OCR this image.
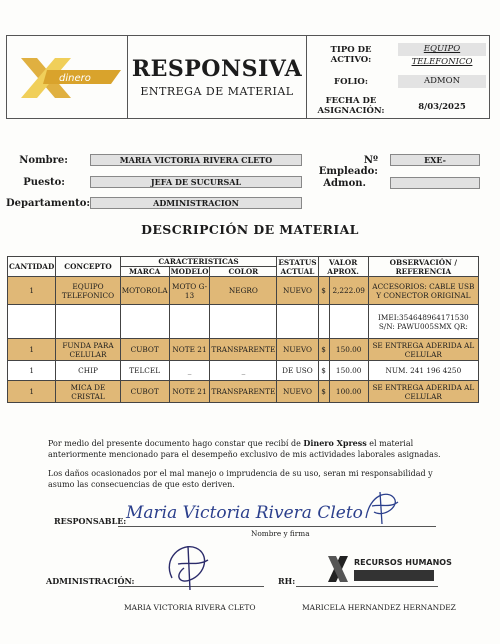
dinero RESPONSIVA
ENTREGA DE MATERIAL
TIPO DE ACTIVO:
EQUIPO TELEFONICO
FOLIO:	ADMON
FECHA DE ASIGNACIÓN:	8/03/2025
Nombre:	MARIA VICTORIA RIVERA CLETO	Nº Empleado:
EXE-
Puesto:	JEFA DE SUCURSAL	Admon.
Departamento:	ADMINISTRACION
DESCRIPCIÓN DE MATERIAL
CANTIDAD	CONCEPTO	CARACTERISTICAS			ESTATUS ACTUAL	VALOR APROX.		OBSERVACIÓN / REFERENCIA
		MARCA	MODELO	COLOR				
1	EQUIPO TELEFONICO	MOTOROLA	MOTO G-13	NEGRO	NUEVO	$	2,222.09	ACCESORIOS: CABLE USB Y CONECTOR ORIGINAL
								IMEI:354648964171530 S/N: PAWU005SMX QR:
1	FUNDA PARA CELULAR	CUBOT	NOTE 21	TRANSPARENTE	NUEVO	$	150.00	SE ENTREGA ADERIDA AL CELULAR
1	CHIP	TELCEL	_	_	DE USO	$	150.00	NUM. 241 196 4250
1	MICA DE CRISTAL	CUBOT	NOTE 21	TRANSPARENTE	NUEVO	$	100.00	SE ENTREGA ADERIDA AL CELULAR
Por medio del presente documento hago constar que recibí de Dinero Xpress el material anteriormente mencionado para el desempeño exclusivo de mis actividades laborales asignadas.
Los daños ocasionados por el mal manejo o imprudencia de su uso, seran mi responsabilidad y asumo las consecuencias de que esto deriven.
RESPONSABLE: Maria Victoria Rivera Cleto
Nombre y firma
ADMINISTRACIÓN:	RH:
RECURSOS HUMANOS
MARIA VICTORIA RIVERA CLETO	MARICELA HERNANDEZ HERNANDEZ
